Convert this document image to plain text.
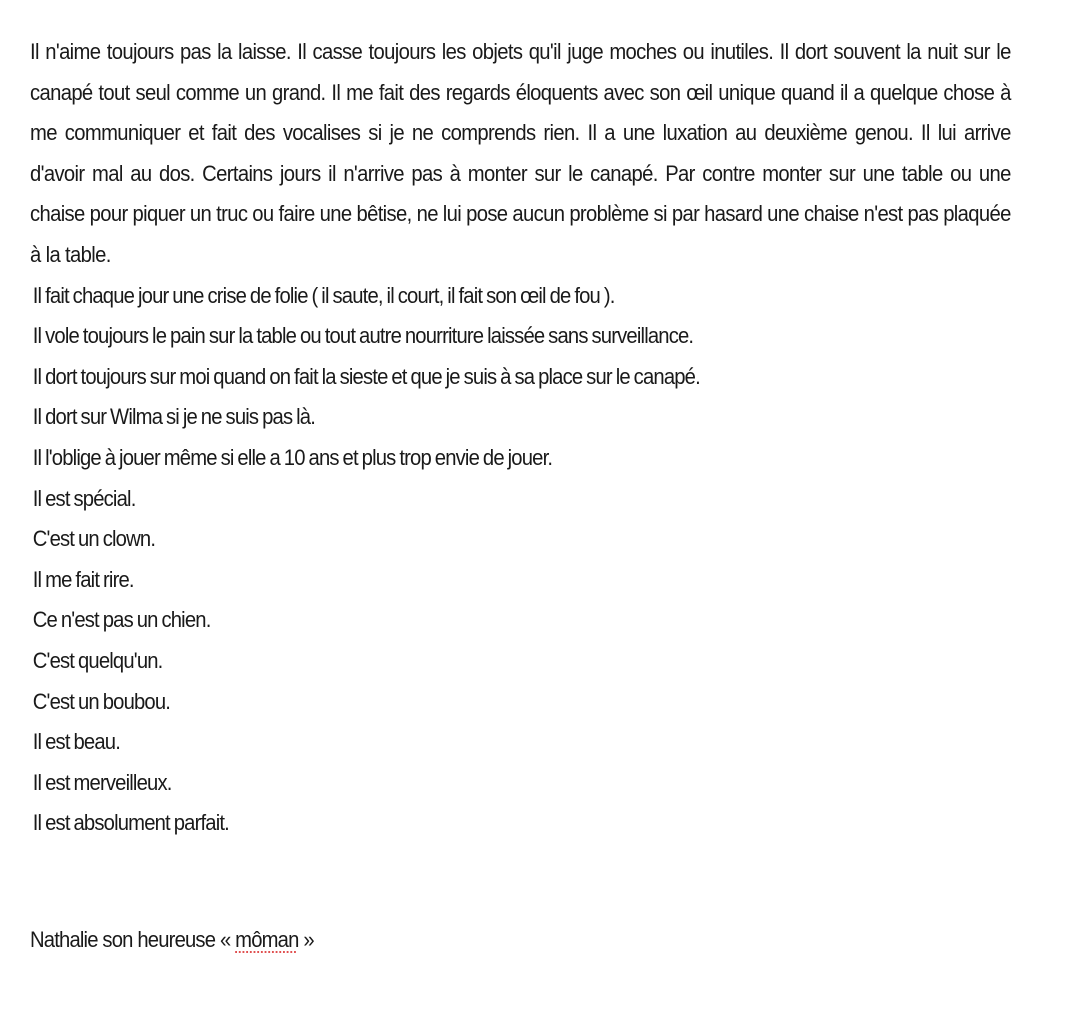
Il n'aime toujours pas la laisse. Il casse toujours les objets qu'il juge moches ou inutiles. Il dort souvent la nuit sur le canapé tout seul comme un grand. Il me fait des regards éloquents avec son œil unique quand il a quelque chose à me communiquer et fait des vocalises si je ne comprends rien. Il a une luxation au deuxième genou. Il lui arrive d'avoir mal au dos. Certains jours il n'arrive pas à monter sur le canapé. Par contre monter sur une table ou une chaise pour piquer un truc ou faire une bêtise, ne lui pose aucun problème si par hasard une chaise n'est pas plaquée à la table.

Il fait chaque jour une crise de folie ( il saute, il court, il fait son œil de fou ).
Il vole toujours le pain sur la table ou tout autre nourriture laissée sans surveillance.
Il dort toujours sur moi quand on fait la sieste et que je suis à sa place sur le canapé.
Il dort sur Wilma si je ne suis pas là.
Il l'oblige à jouer même si elle a 10 ans et plus trop envie de jouer.
Il est spécial.
C'est un clown.
Il me fait rire.
Ce n'est pas un chien.
C'est quelqu'un.
C'est un boubou.
Il est beau.
Il est merveilleux.
Il est absolument parfait.

Nathalie son heureuse « môman »
